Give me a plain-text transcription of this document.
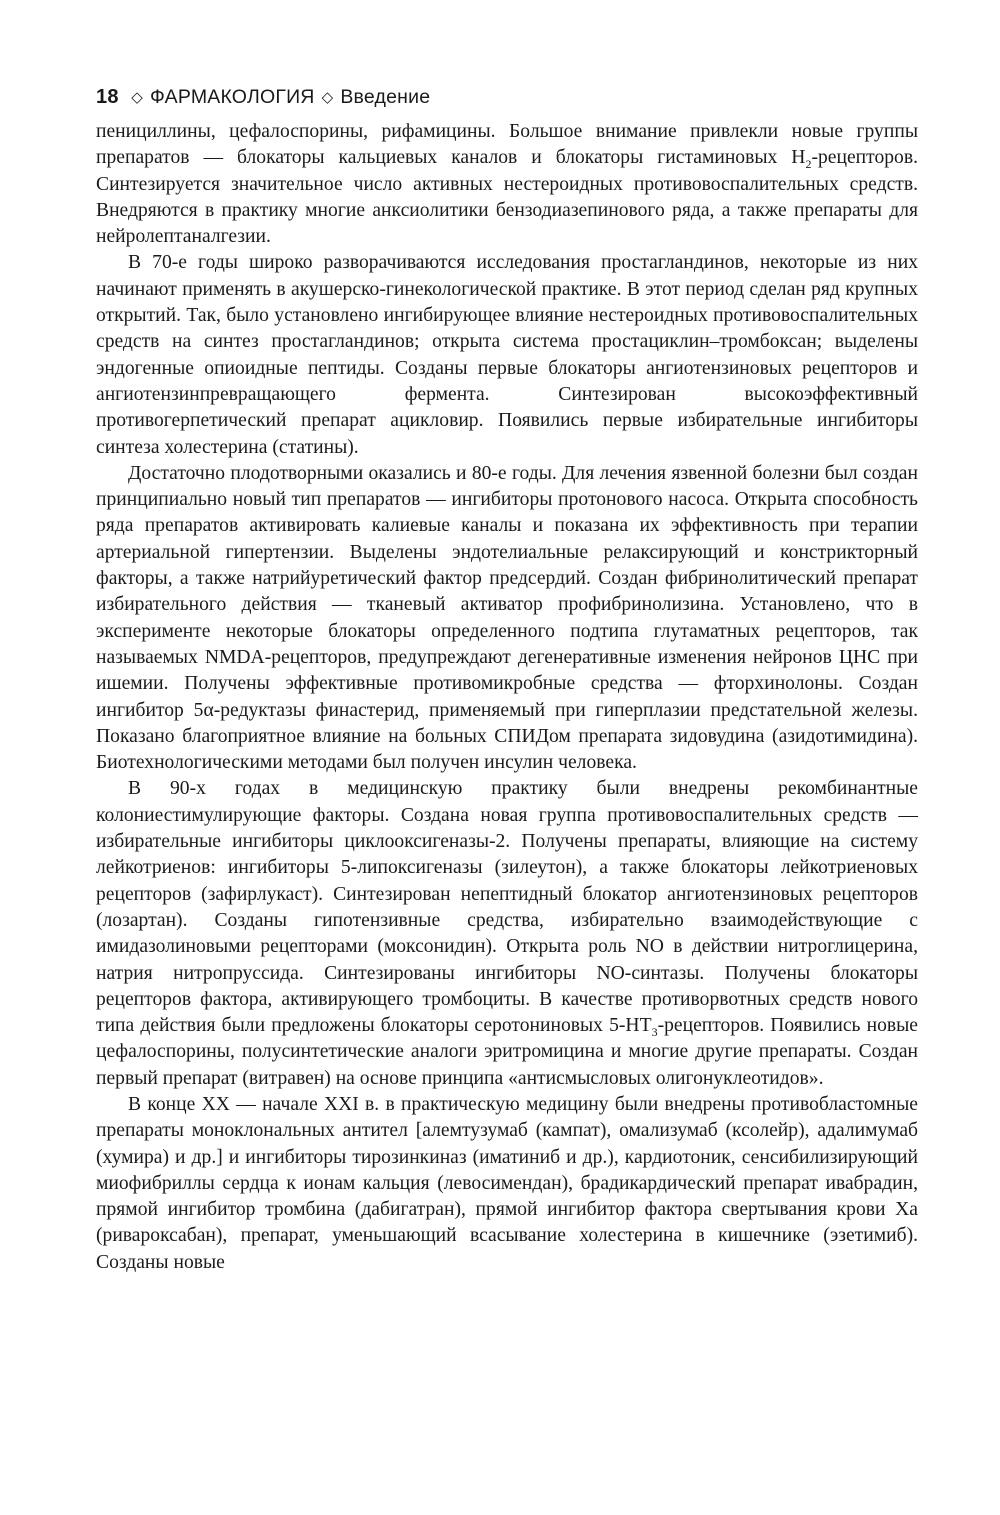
18 ◇ ФАРМАКОЛОГИЯ ◇ Введение

пенициллины, цефалоспорины, рифамицины. Большое внимание привлекли новые группы препаратов — блокаторы кальциевых каналов и блокаторы гистаминовых $Н_2$-рецепторов. Синтезируется значительное число активных нестероидных противовоспалительных средств. Внедряются в практику многие анксиолитики бензодиазепинового ряда, а также препараты для нейролептаналгезии.

В 70-е годы широко разворачиваются исследования простагландинов, некоторые из них начинают применять в акушерско-гинекологической практике. В этот период сделан ряд крупных открытий. Так, было установлено ингибирующее влияние нестероидных противовоспалительных средств на синтез простагландинов; открыта система простациклин–тромбоксан; выделены эндогенные опиоидные пептиды. Созданы первые блокаторы ангиотензиновых рецепторов и ангиотензинпревращающего фермента. Синтезирован высокоэффективный противогерпетический препарат ацикловир. Появились первые избирательные ингибиторы синтеза холестерина (статины).

Достаточно плодотворными оказались и 80-е годы. Для лечения язвенной болезни был создан принципиально новый тип препаратов — ингибиторы протонового насоса. Открыта способность ряда препаратов активировать калиевые каналы и показана их эффективность при терапии артериальной гипертензии. Выделены эндотелиальные релаксирующий и констрикторный факторы, а также натрийуретический фактор предсердий. Создан фибринолитический препарат избирательного действия — тканевый активатор профибринолизина. Установлено, что в эксперименте некоторые блокаторы определенного подтипа глутаматных рецепторов, так называемых NMDA-рецепторов, предупреждают дегенеративные изменения нейронов ЦНС при ишемии. Получены эффективные противомикробные средства — фторхинолоны. Создан ингибитор 5α-редуктазы финастерид, применяемый при гиперплазии предстательной железы. Показано благоприятное влияние на больных СПИДом препарата зидовудина (азидотимидина). Биотехнологическими методами был получен инсулин человека.

В 90-х годах в медицинскую практику были внедрены рекомбинантные колониестимулирующие факторы. Создана новая группа противовоспалительных средств — избирательные ингибиторы циклооксигеназы-2. Получены препараты, влияющие на систему лейкотриенов: ингибиторы 5-липоксигеназы (зилеутон), а также блокаторы лейкотриеновых рецепторов (зафирлукаст). Синтезирован непептидный блокатор ангиотензиновых рецепторов (лозартан). Созданы гипотензивные средства, избирательно взаимодействующие с имидазолиновыми рецепторами (моксонидин). Открыта роль NO в действии нитроглицерина, натрия нитропруссида. Синтезированы ингибиторы NO-синтазы. Получены блокаторы рецепторов фактора, активирующего тромбоциты. В качестве противорвотных средств нового типа действия были предложены блокаторы серотониновых $5-НТ_3$-рецепторов. Появились новые цефалоспорины, полусинтетические аналоги эритромицина и многие другие препараты. Создан первый препарат (витравен) на основе принципа «антисмысловых олигонуклеотидов».

В конце XX — начале XXI в. в практическую медицину были внедрены противобластомные препараты моноклональных антител [алемтузумаб (кампат), омализумаб (ксолейр), адалимумаб (хумира) и др.] и ингибиторы тирозинкиназ (иматиниб и др.), кардиотоник, сенсибилизирующий миофибриллы сердца к ионам кальция (левосимендан), брадикардический препарат ивабрадин, прямой ингибитор тромбина (дабигатран), прямой ингибитор фактора свертывания крови Xa (ривароксабан), препарат, уменьшающий всасывание холестерина в кишечнике (эзетимиб). Созданы новые
